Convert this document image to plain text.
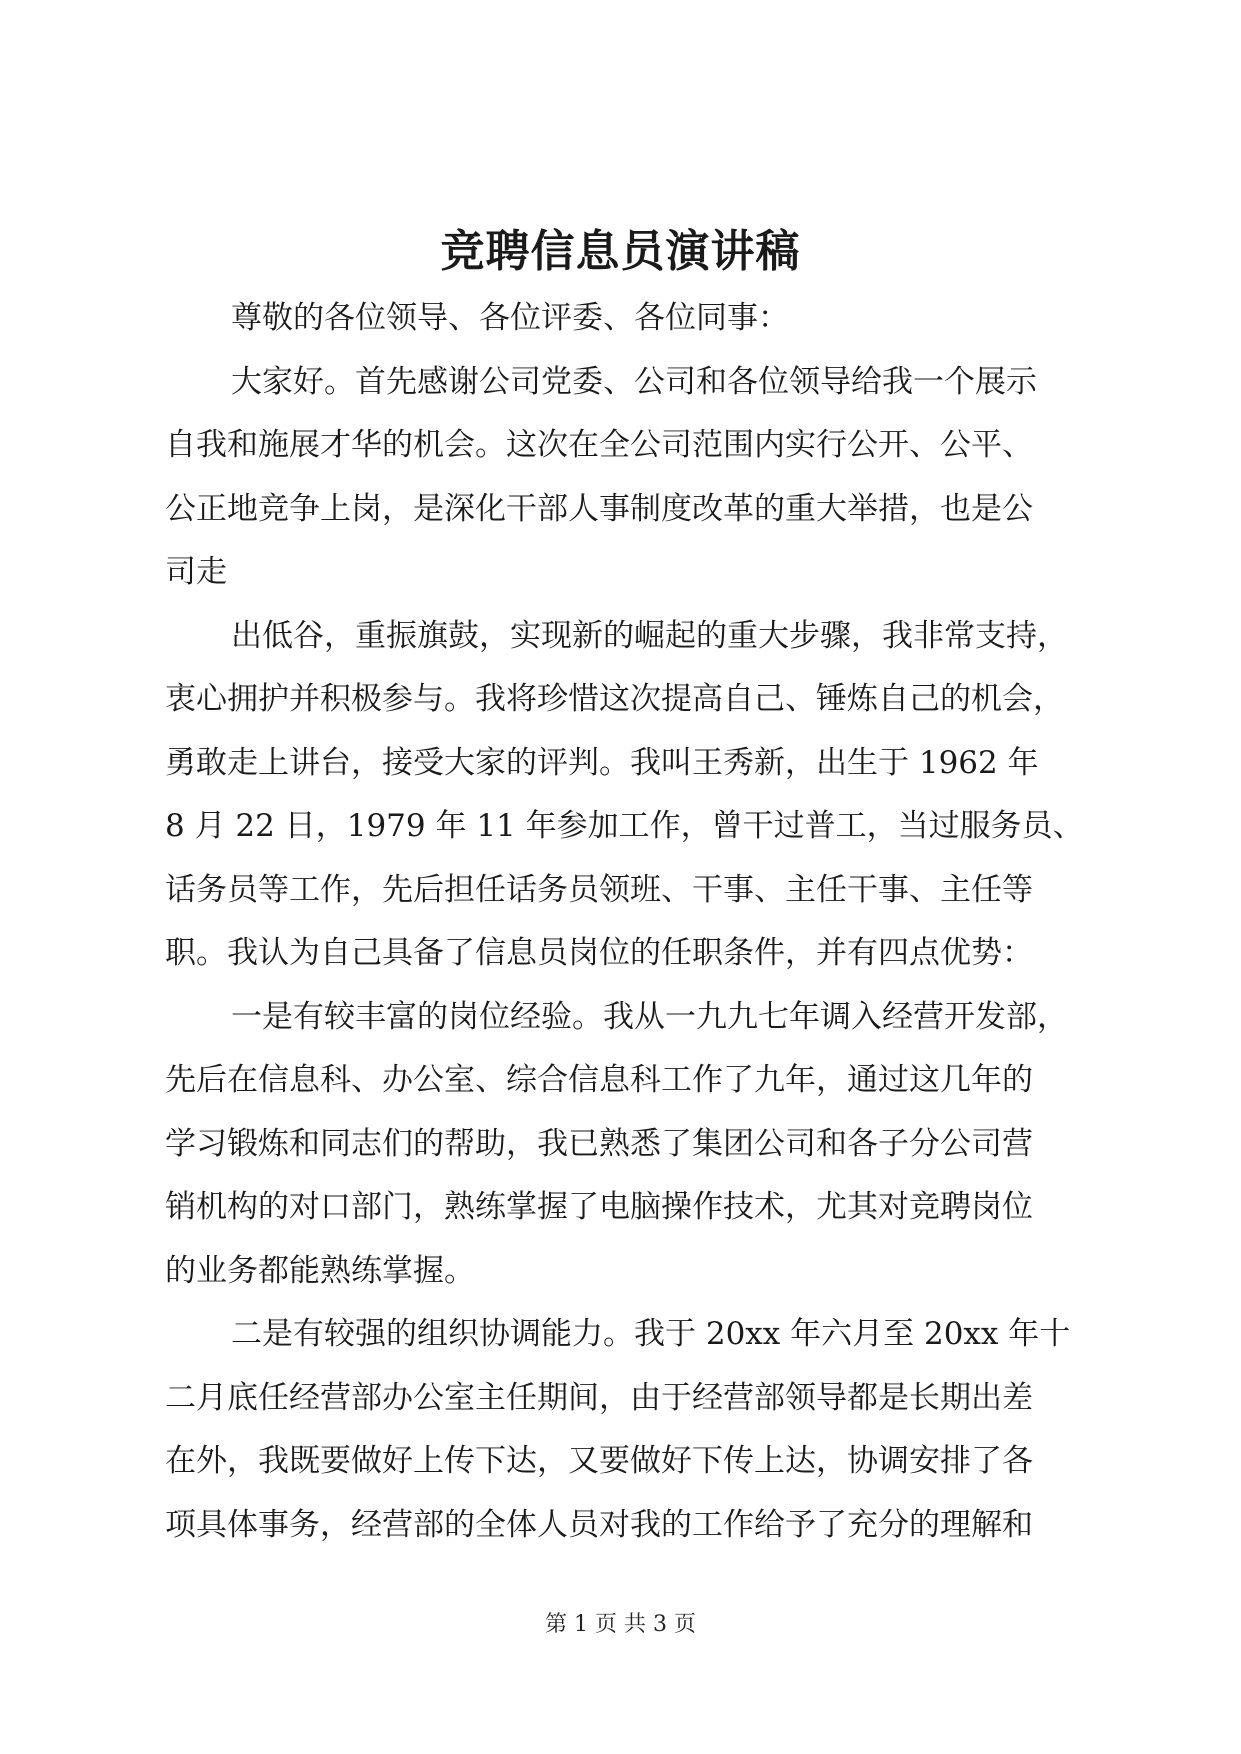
竞聘信息员演讲稿
尊敬的各位领导、各位评委、各位同事：
大家好。首先感谢公司党委、公司和各位领导给我一个展示
自我和施展才华的机会。这次在全公司范围内实行公开、公平、
公正地竞争上岗，是深化干部人事制度改革的重大举措，也是公
司走
出低谷，重振旗鼓，实现新的崛起的重大步骤，我非常支持，
衷心拥护并积极参与。我将珍惜这次提高自己、锤炼自己的机会，
勇敢走上讲台，接受大家的评判。我叫王秀新，出生于 1962 年
8 月 22 日，1979 年 11 年参加工作，曾干过普工，当过服务员、
话务员等工作，先后担任话务员领班、干事、主任干事、主任等
职。我认为自己具备了信息员岗位的任职条件，并有四点优势：
一是有较丰富的岗位经验。我从一九九七年调入经营开发部，
先后在信息科、办公室、综合信息科工作了九年，通过这几年的
学习锻炼和同志们的帮助，我已熟悉了集团公司和各子分公司营
销机构的对口部门，熟练掌握了电脑操作技术，尤其对竞聘岗位
的业务都能熟练掌握。
二是有较强的组织协调能力。我于 20xx 年六月至 20xx 年十
二月底任经营部办公室主任期间，由于经营部领导都是长期出差
在外，我既要做好上传下达，又要做好下传上达，协调安排了各
项具体事务，经营部的全体人员对我的工作给予了充分的理解和
第 1 页 共 3 页
